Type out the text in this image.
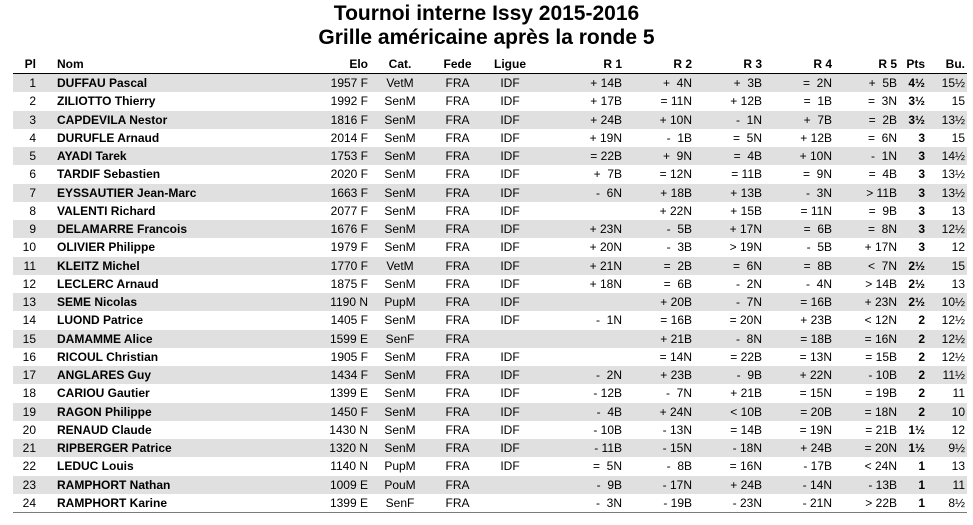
Tournoi interne Issy 2015-2016
Grille américaine après la ronde 5
Pl	Nom	Elo	Cat.	Fede	Ligue	R 1	R 2	R 3	R 4	R 5	Pts	Bu.
1	DUFFAU Pascal	1957 F	VetM	FRA	IDF	+ 14B	+  4N	+  3B	=  2N	+  5B	4½	15½
2	ZILIOTTO Thierry	1992 F	SenM	FRA	IDF	+ 17B	= 11N	+ 12B	=  1B	=  3N	3½	15
3	CAPDEVILA Nestor	1816 F	SenM	FRA	IDF	+ 24B	+ 10N	-  1N	+  7B	=  2B	3½	13½
4	DURUFLE Arnaud	2014 F	SenM	FRA	IDF	+ 19N	-  1B	=  5N	+ 12B	=  6N	3	15
5	AYADI Tarek	1753 F	SenM	FRA	IDF	= 22B	+  9N	=  4B	+ 10N	-  1N	3	14½
6	TARDIF Sebastien	2020 F	SenM	FRA	IDF	+  7B	= 12N	= 11B	=  9N	=  4B	3	13½
7	EYSSAUTIER Jean-Marc	1663 F	SenM	FRA	IDF	-  6N	+ 18B	+ 13B	-  3N	> 11B	3	13½
8	VALENTI Richard	2077 F	SenM	FRA	IDF		+ 22N	+ 15B	= 11N	=  9B	3	13
9	DELAMARRE Francois	1676 F	SenM	FRA	IDF	+ 23N	-  5B	+ 17N	=  6B	=  8N	3	12½
10	OLIVIER Philippe	1979 F	SenM	FRA	IDF	+ 20N	-  3B	> 19N	-  5B	+ 17N	3	12
11	KLEITZ Michel	1770 F	VetM	FRA	IDF	+ 21N	=  2B	=  6N	=  8B	<  7N	2½	15
12	LECLERC Arnaud	1875 F	SenM	FRA	IDF	+ 18N	=  6B	-  2N	-  4N	> 14B	2½	13
13	SEME Nicolas	1190 N	PupM	FRA	IDF		+ 20B	-  7N	= 16B	+ 23N	2½	10½
14	LUOND Patrice	1405 F	SenM	FRA	IDF	-  1N	= 16B	= 20N	+ 23B	< 12N	2	12½
15	DAMAMME Alice	1599 E	SenF	FRA			+ 21B	-  8N	= 18B	= 16N	2	12½
16	RICOUL Christian	1905 F	SenM	FRA	IDF		= 14N	= 22B	= 13N	= 15B	2	12½
17	ANGLARES Guy	1434 F	SenM	FRA	IDF	-  2N	+ 23B	-  9B	+ 22N	- 10B	2	11½
18	CARIOU Gautier	1399 E	SenM	FRA	IDF	- 12B	-  7N	+ 21B	= 15N	= 19B	2	11
19	RAGON Philippe	1450 F	SenM	FRA	IDF	-  4B	+ 24N	< 10B	= 20B	= 18N	2	10
20	RENAUD Claude	1430 N	SenM	FRA	IDF	- 10B	- 13N	= 14B	= 19N	= 21B	1½	12
21	RIPBERGER Patrice	1320 N	SenM	FRA	IDF	- 11B	- 15N	- 18N	+ 24B	= 20N	1½	9½
22	LEDUC Louis	1140 N	PupM	FRA	IDF	=  5N	-  8B	= 16N	- 17B	< 24N	1	13
23	RAMPHORT Nathan	1009 E	PouM	FRA		-  9B	- 17N	+ 24B	- 14N	- 13B	1	11
24	RAMPHORT Karine	1399 E	SenF	FRA		-  3N	- 19B	- 23N	- 21N	> 22B	1	8½
